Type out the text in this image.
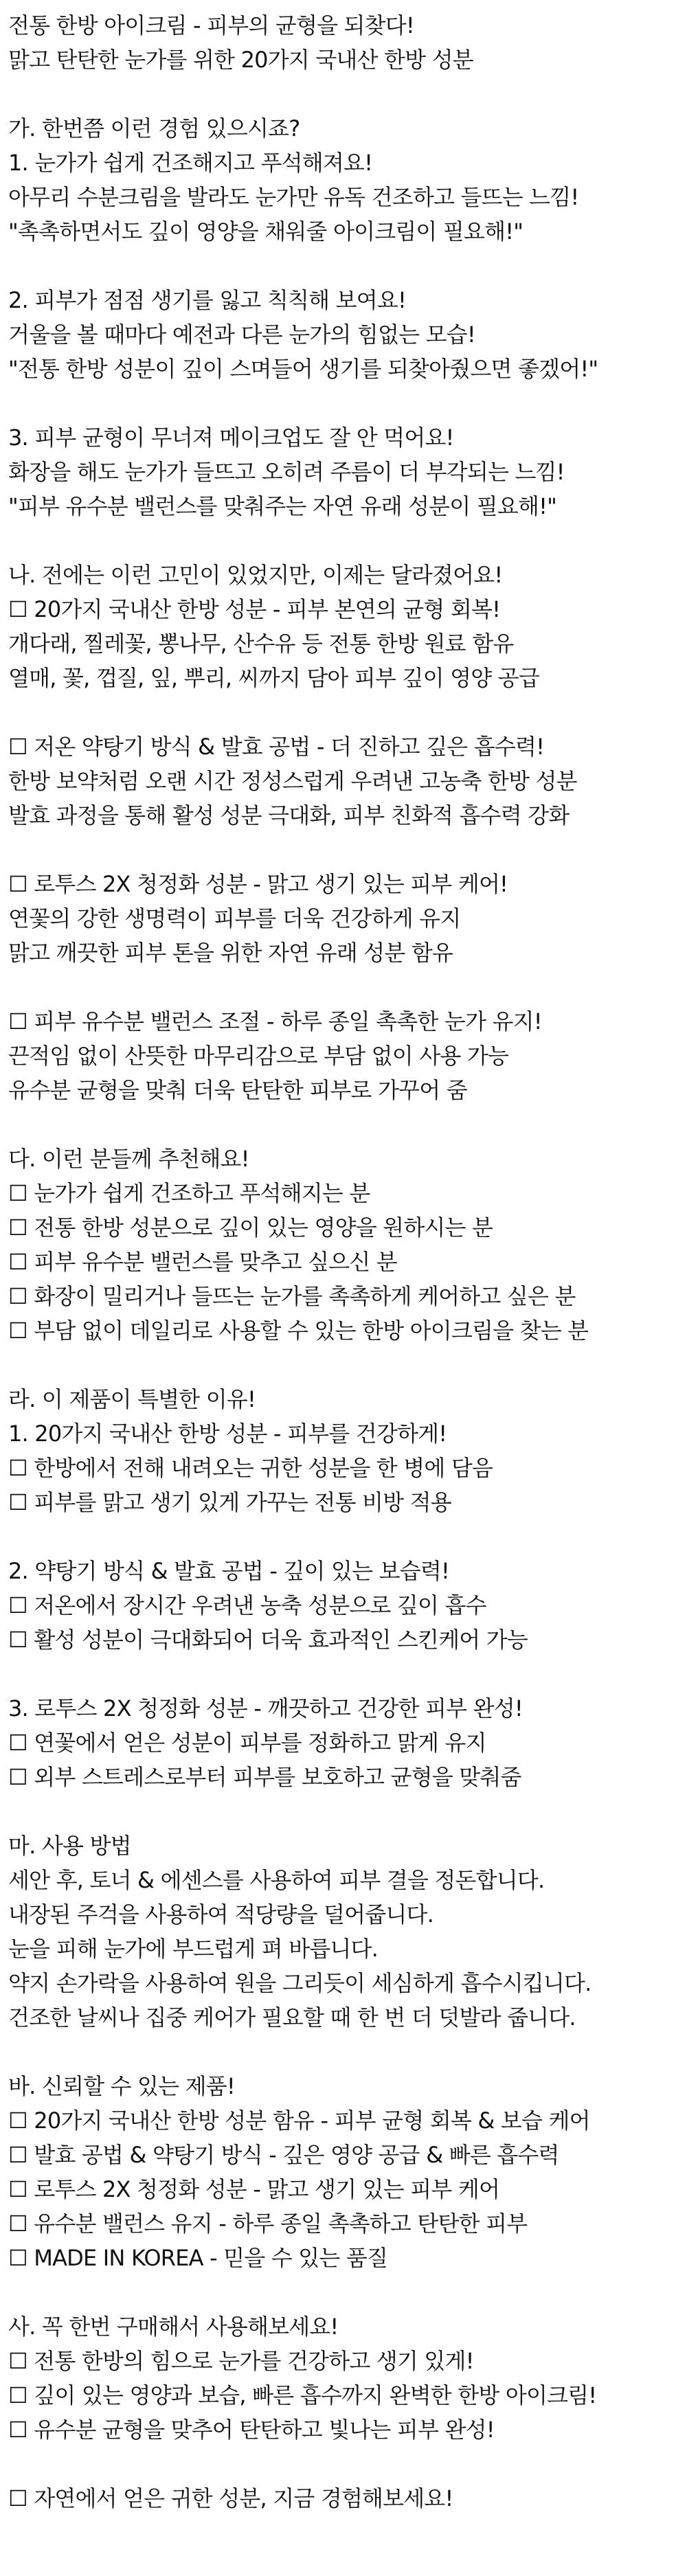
전통 한방 아이크림 - 피부의 균형을 되찾다!
맑고 탄탄한 눈가를 위한 20가지 국내산 한방 성분
가. 한번쯤 이런 경험 있으시죠?
1. 눈가가 쉽게 건조해지고 푸석해져요!
아무리 수분크림을 발라도 눈가만 유독 건조하고 들뜨는 느낌!
"촉촉하면서도 깊이 영양을 채워줄 아이크림이 필요해!"
2. 피부가 점점 생기를 잃고 칙칙해 보여요!
거울을 볼 때마다 예전과 다른 눈가의 힘없는 모습!
"전통 한방 성분이 깊이 스며들어 생기를 되찾아줬으면 좋겠어!"
3. 피부 균형이 무너져 메이크업도 잘 안 먹어요!
화장을 해도 눈가가 들뜨고 오히려 주름이 더 부각되는 느낌!
"피부 유수분 밸런스를 맞춰주는 자연 유래 성분이 필요해!"
나. 전에는 이런 고민이 있었지만, 이제는 달라졌어요!
☐ 20가지 국내산 한방 성분 - 피부 본연의 균형 회복!
개다래, 찔레꽃, 뽕나무, 산수유 등 전통 한방 원료 함유
열매, 꽃, 껍질, 잎, 뿌리, 씨까지 담아 피부 깊이 영양 공급
☐ 저온 약탕기 방식 & 발효 공법 - 더 진하고 깊은 흡수력!
한방 보약처럼 오랜 시간 정성스럽게 우려낸 고농축 한방 성분
발효 과정을 통해 활성 성분 극대화, 피부 친화적 흡수력 강화
☐ 로투스 2X 청정화 성분 - 맑고 생기 있는 피부 케어!
연꽃의 강한 생명력이 피부를 더욱 건강하게 유지
맑고 깨끗한 피부 톤을 위한 자연 유래 성분 함유
☐ 피부 유수분 밸런스 조절 - 하루 종일 촉촉한 눈가 유지!
끈적임 없이 산뜻한 마무리감으로 부담 없이 사용 가능
유수분 균형을 맞춰 더욱 탄탄한 피부로 가꾸어 줌
다. 이런 분들께 추천해요!
☐ 눈가가 쉽게 건조하고 푸석해지는 분
☐ 전통 한방 성분으로 깊이 있는 영양을 원하시는 분
☐ 피부 유수분 밸런스를 맞추고 싶으신 분
☐ 화장이 밀리거나 들뜨는 눈가를 촉촉하게 케어하고 싶은 분
☐ 부담 없이 데일리로 사용할 수 있는 한방 아이크림을 찾는 분
라. 이 제품이 특별한 이유!
1. 20가지 국내산 한방 성분 - 피부를 건강하게!
☐ 한방에서 전해 내려오는 귀한 성분을 한 병에 담음
☐ 피부를 맑고 생기 있게 가꾸는 전통 비방 적용
2. 약탕기 방식 & 발효 공법 - 깊이 있는 보습력!
☐ 저온에서 장시간 우려낸 농축 성분으로 깊이 흡수
☐ 활성 성분이 극대화되어 더욱 효과적인 스킨케어 가능
3. 로투스 2X 청정화 성분 - 깨끗하고 건강한 피부 완성!
☐ 연꽃에서 얻은 성분이 피부를 정화하고 맑게 유지
☐ 외부 스트레스로부터 피부를 보호하고 균형을 맞춰줌
마. 사용 방법
세안 후, 토너 & 에센스를 사용하여 피부 결을 정돈합니다.
내장된 주걱을 사용하여 적당량을 덜어줍니다.
눈을 피해 눈가에 부드럽게 펴 바릅니다.
약지 손가락을 사용하여 원을 그리듯이 세심하게 흡수시킵니다.
건조한 날씨나 집중 케어가 필요할 때 한 번 더 덧발라 줍니다.
바. 신뢰할 수 있는 제품!
☐ 20가지 국내산 한방 성분 함유 - 피부 균형 회복 & 보습 케어
☐ 발효 공법 & 약탕기 방식 - 깊은 영양 공급 & 빠른 흡수력
☐ 로투스 2X 청정화 성분 - 맑고 생기 있는 피부 케어
☐ 유수분 밸런스 유지 - 하루 종일 촉촉하고 탄탄한 피부
☐ MADE IN KOREA - 믿을 수 있는 품질
사. 꼭 한번 구매해서 사용해보세요!
☐ 전통 한방의 힘으로 눈가를 건강하고 생기 있게!
☐ 깊이 있는 영양과 보습, 빠른 흡수까지 완벽한 한방 아이크림!
☐ 유수분 균형을 맞추어 탄탄하고 빛나는 피부 완성!
☐ 자연에서 얻은 귀한 성분, 지금 경험해보세요!
